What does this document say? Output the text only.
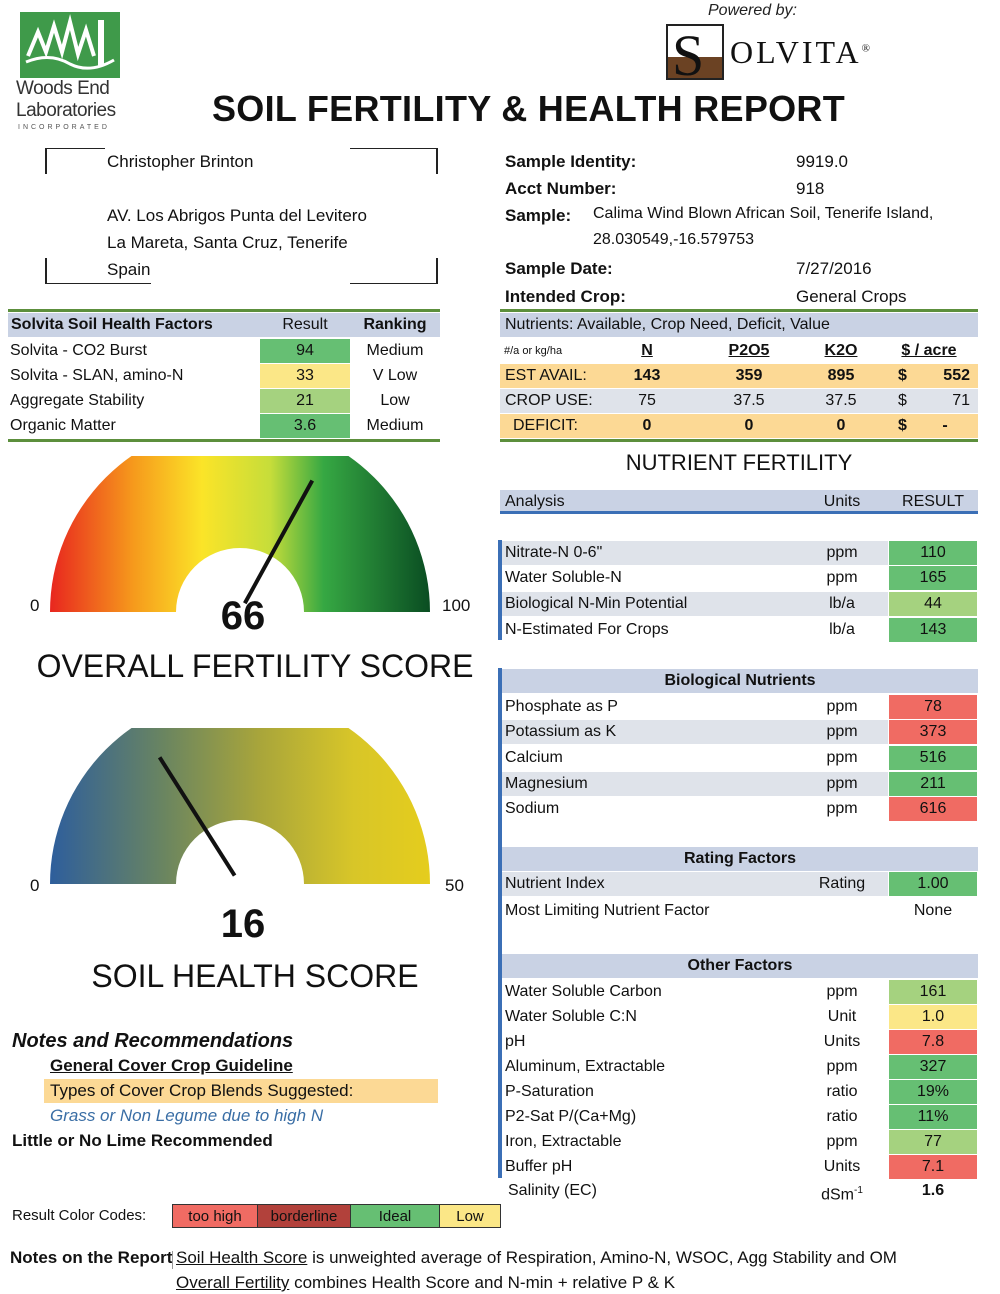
Woods End
Laboratories
INCORPORATED
Powered by:
S OLVITA®
SOIL FERTILITY & HEALTH REPORT
Christopher Brinton
AV. Los Abrigos Punta del Levitero
La Mareta, Santa Cruz, Tenerife
Spain
Sample Identity:	9919.0
Acct Number:	918
Sample: Calima Wind Blown African Soil, Tenerife Island,
28.030549,-16.579753
Sample Date:	7/27/2016
Intended Crop:	General Crops
Solvita Soil Health Factors	Result	Ranking
Solvita - CO2 Burst	94	Medium
Solvita - SLAN, amino-N	33	V Low
Aggregate Stability	21	Low
Organic Matter	3.6	Medium
Nutrients: Available, Crop Need, Deficit, Value
#/a or kg/ha	N	P2O5	K2O	$ / acre
EST AVAIL:	143	359	895	$	552
CROP USE:	75	37.5	37.5	$	71
DEFICIT:	0	0	0	$	-
0	100
66
OVERALL FERTILITY SCORE
0	50
16
SOIL HEALTH SCORE
NUTRIENT FERTILITY
Analysis	Units	RESULT
Nitrate-N 0-6"	ppm	110
Water Soluble-N	ppm	165
Biological N-Min Potential	lb/a	44
N-Estimated For Crops	lb/a	143
Biological Nutrients
Phosphate as P	ppm	78
Potassium as K	ppm	373
Calcium	ppm	516
Magnesium	ppm	211
Sodium	ppm	616
Rating Factors
Nutrient Index	Rating	1.00
Most Limiting Nutrient Factor	None
Other Factors
Water Soluble Carbon	ppm	161
Water Soluble C:N	Unit	1.0
pH	Units	7.8
Aluminum, Extractable	ppm	327
P-Saturation	ratio	19%
P2-Sat P/(Ca+Mg)	ratio	11%
Iron, Extractable	ppm	77
Buffer pH	Units	7.1
Salinity (EC)	dSm$^{-1}$	1.6
Notes and Recommendations
General Cover Crop Guideline
Types of Cover Crop Blends Suggested:
Grass or Non Legume due to high N
Little or No Lime Recommended
Result Color Codes:	too high	borderline	Ideal	Low
Notes on the Report Soil Health Score is unweighted average of Respiration, Amino-N, WSOC, Agg Stability and OM
Overall Fertility combines Health Score and N-min + relative P & K
